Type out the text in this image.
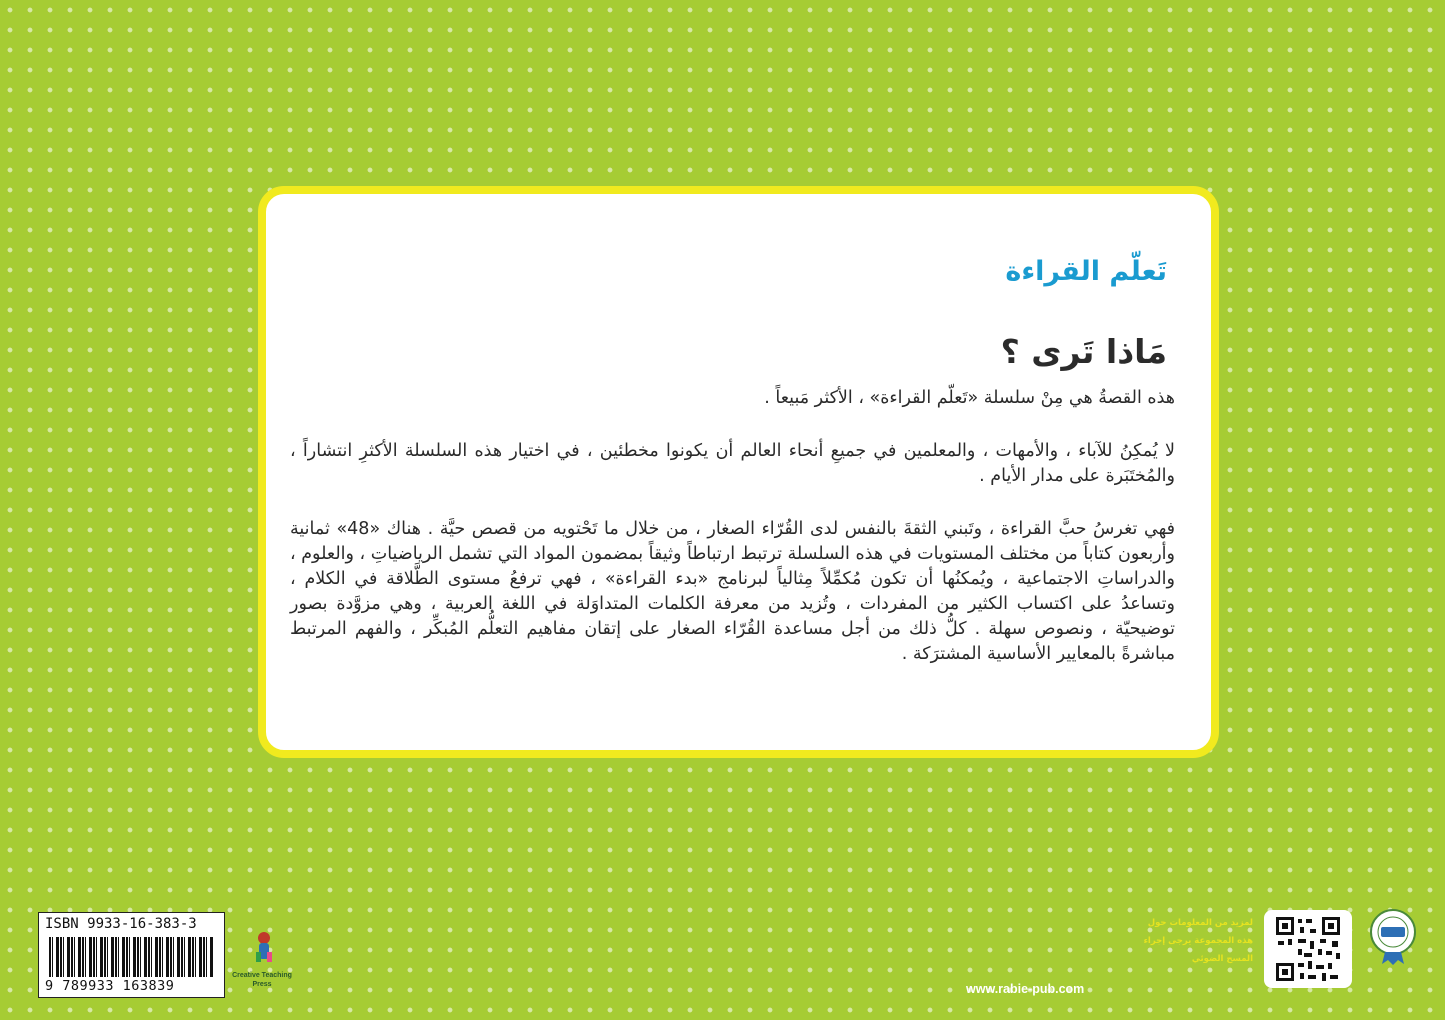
تَعلّم القراءة
مَاذا تَرى ؟

هذه القصةُ هي مِنْ سلسلة «تَعلّم القراءة» ، الأكثر مَبيعاً .

لا يُمكِنُ للآباء ، والأمهات ، والمعلمين في جميعِ أنحاء العالم أن يكونوا مخطئين ، في اختيار هذه السلسلة الأكثرِ انتشاراً ، والمُختَبَرة على مدار الأيام .

فهي تغرسُ حبَّ القراءة ، وتَبني الثقةَ بالنفس لدى القُرّاء الصغار ، من خلال ما تَحْتويه من قصص حيَّة . هناك «48» ثمانية وأربعون كتاباً من مختلف المستويات في هذه السلسلة ترتبط ارتباطاً وثيقاً بمضمون المواد التي تشمل الرياضياتِ ، والعلوم ، والدراساتِ الاجتماعية ، ويُمكنُها أن تكون مُكمِّلاً مِثالياً لبرنامج «بدء القراءة» ، فهي ترفعُ مستوى الطَّلاقة في الكلام ، وتساعدُ على اكتساب الكثير من المفردات ، وتُزيد من معرفة الكلمات المتداوَلة في اللغة العربية ، وهي مزوَّدة بصور توضيحيّة ، ونصوص سهلة . كلُّ ذلك من أجل مساعدة القُرّاء الصغار على إتقان مفاهيم التعلُّم المُبكِّر ، والفهم المرتبط مباشرةً بالمعايير الأساسية المشترَكة .

ISBN 9933-16-383-3
9 789933 163839
Creative Teaching Press	www.rabie-pub.com
لمزيد من المعلومات حول هذه المجموعة يرجى إجراء المسح الضوئي
